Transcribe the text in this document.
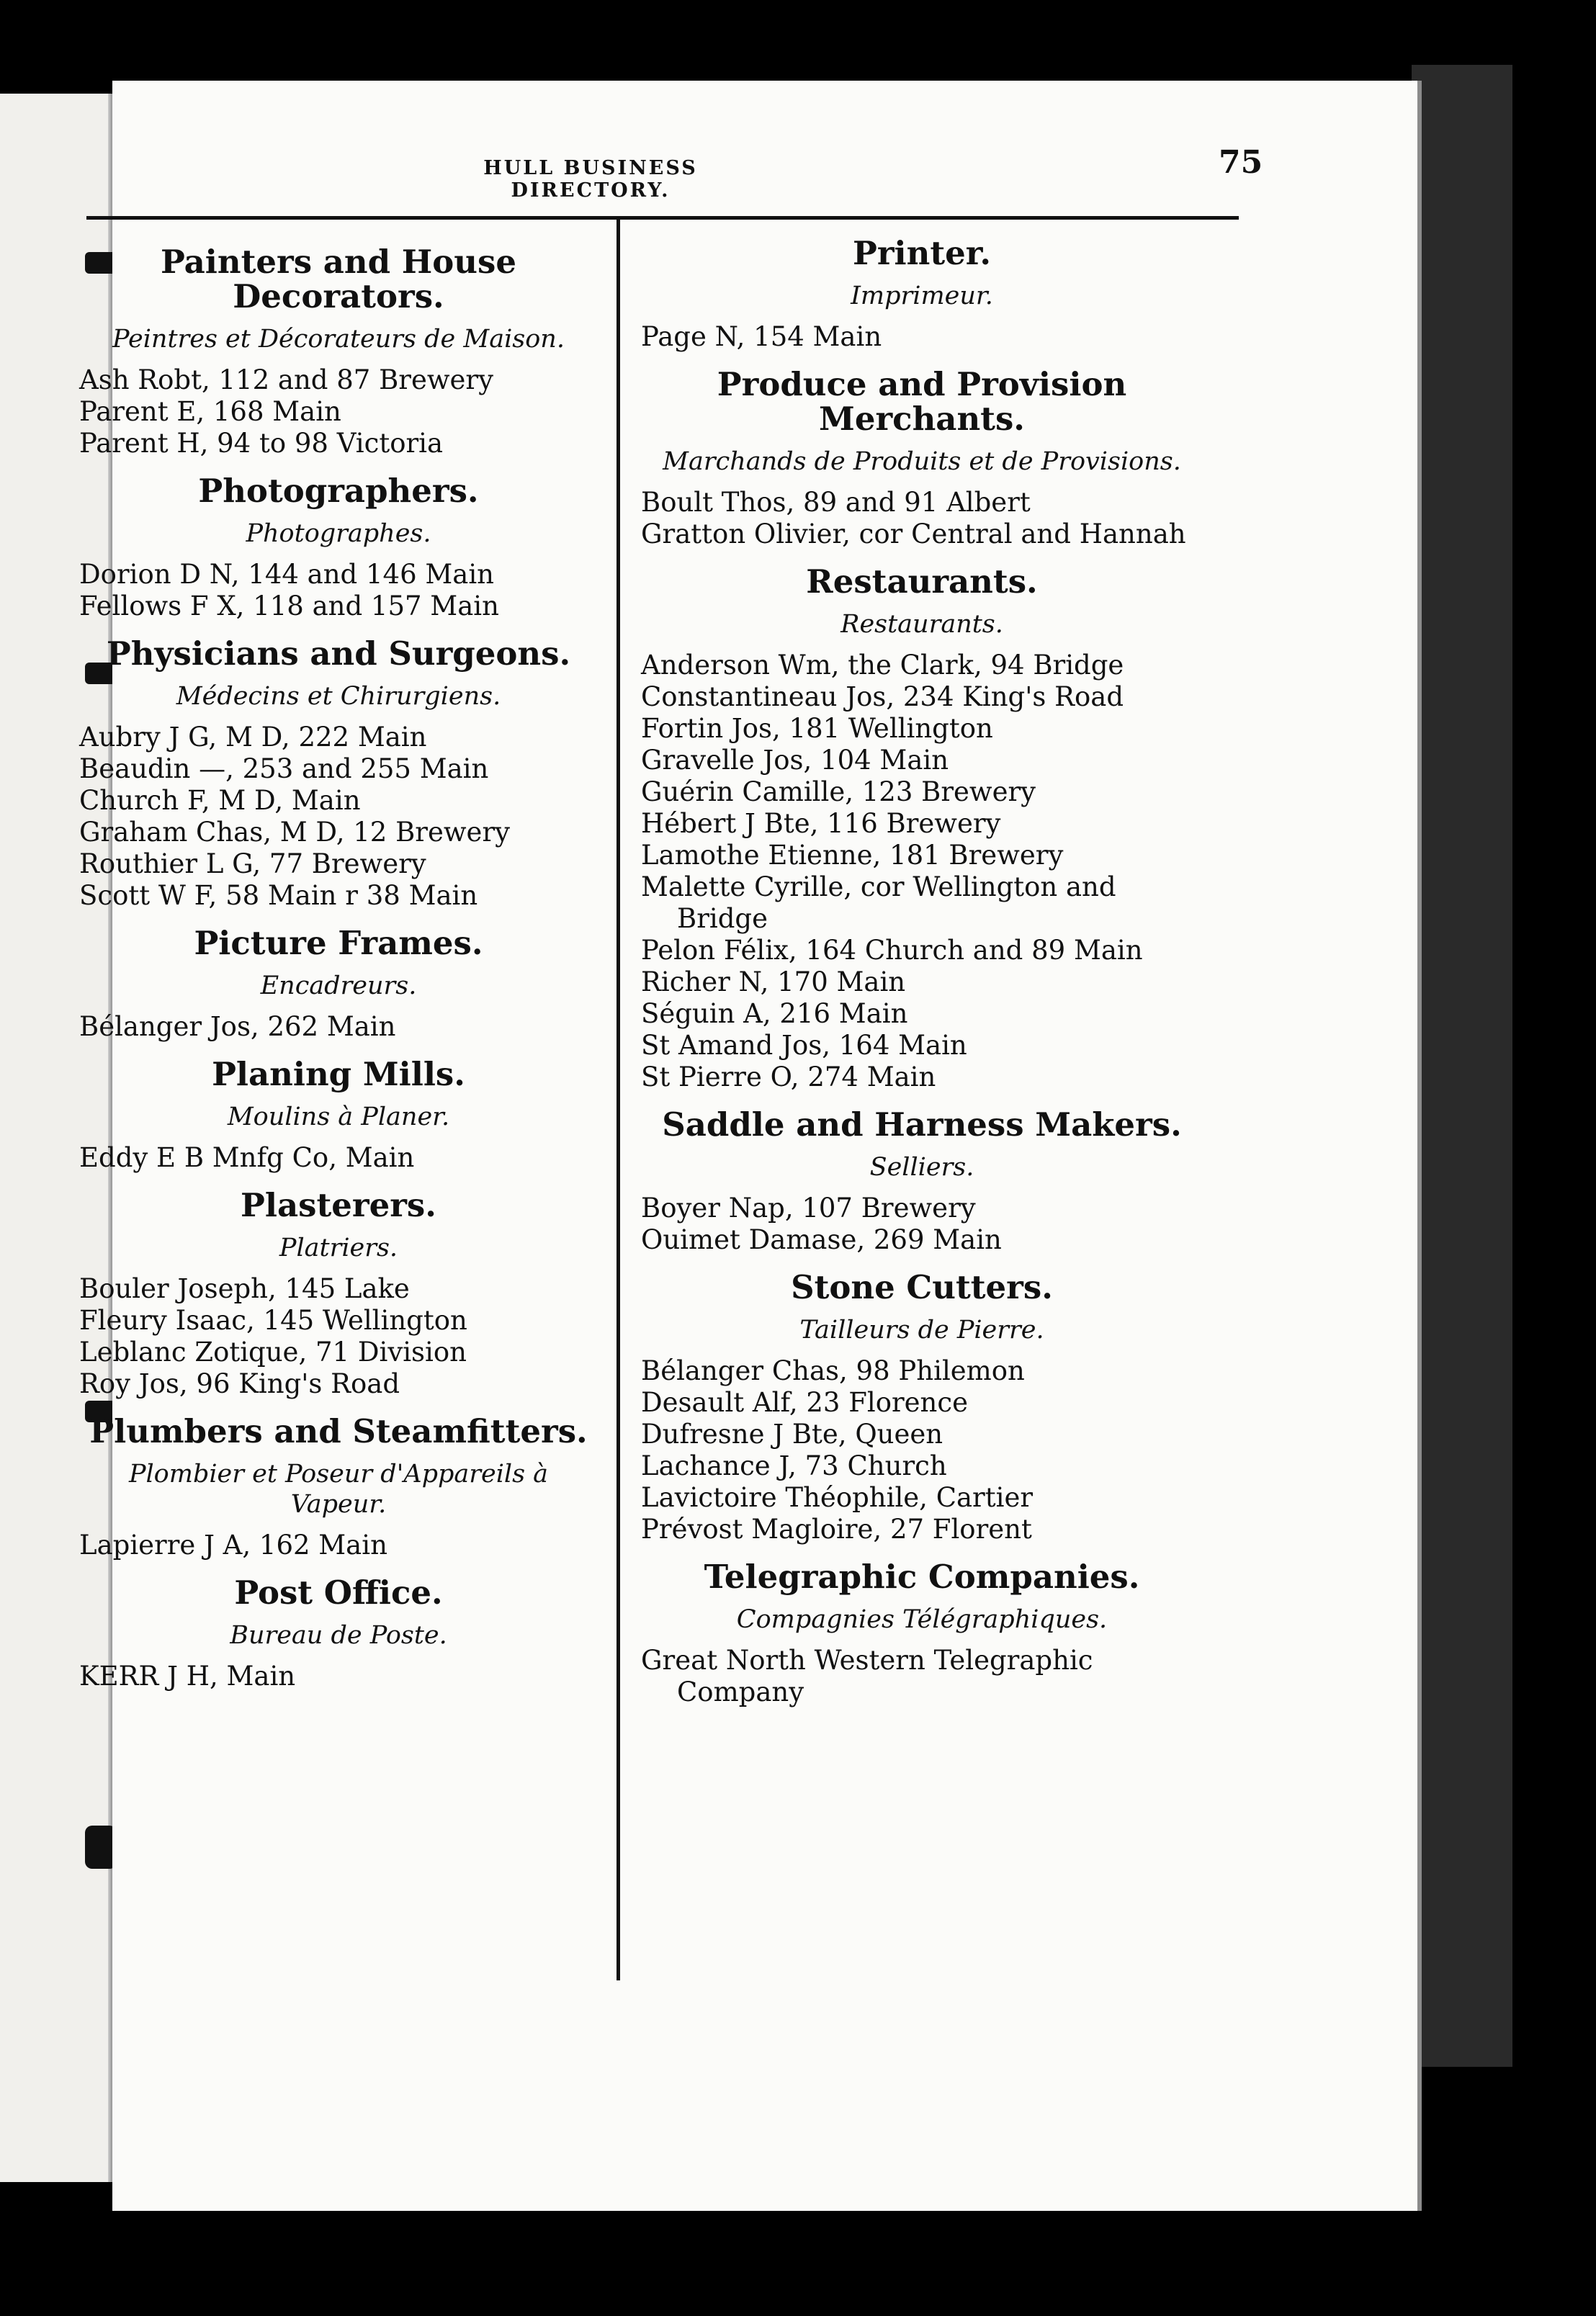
HULL BUSINESS DIRECTORY.
75
Painters and House Decorators.
Peintres et Décorateurs de Maison.
Ash Robt, 112 and 87 Brewery
Parent E, 168 Main
Parent H, 94 to 98 Victoria
Photographers.
Photographes.
Dorion D N, 144 and 146 Main
Fellows F X, 118 and 157 Main
Physicians and Surgeons.
Médecins et Chirurgiens.
Aubry J G, M D, 222 Main
Beaudin —, 253 and 255 Main
Church F, M D, Main
Graham Chas, M D, 12 Brewery
Routhier L G, 77 Brewery
Scott W F, 58 Main r 38 Main
Picture Frames.
Encadreurs.
Bélanger Jos, 262 Main
Planing Mills.
Moulins à Planer.
Eddy E B Mnfg Co, Main
Plasterers.
Platriers.
Bouler Joseph, 145 Lake
Fleury Isaac, 145 Wellington
Leblanc Zotique, 71 Division
Roy Jos, 96 King's Road
Plumbers and Steamfitters.
Plombier et Poseur d'Appareils à Vapeur.
Lapierre J A, 162 Main
Post Office.
Bureau de Poste.
KERR J H, Main
Printer.
Imprimeur.
Page N, 154 Main
Produce and Provision Merchants.
Marchands de Produits et de Provisions.
Boult Thos, 89 and 91 Albert
Gratton Olivier, cor Central and Hannah
Restaurants.
Restaurants.
Anderson Wm, the Clark, 94 Bridge
Constantineau Jos, 234 King's Road
Fortin Jos, 181 Wellington
Gravelle Jos, 104 Main
Guérin Camille, 123 Brewery
Hébert J Bte, 116 Brewery
Lamothe Etienne, 181 Brewery
Malette Cyrille, cor Wellington and Bridge
Pelon Félix, 164 Church and 89 Main
Richer N, 170 Main
Séguin A, 216 Main
St Amand Jos, 164 Main
St Pierre O, 274 Main
Saddle and Harness Makers.
Selliers.
Boyer Nap, 107 Brewery
Ouimet Damase, 269 Main
Stone Cutters.
Tailleurs de Pierre.
Bélanger Chas, 98 Philemon
Desault Alf, 23 Florence
Dufresne J Bte, Queen
Lachance J, 73 Church
Lavictoire Théophile, Cartier
Prévost Magloire, 27 Florent
Telegraphic Companies.
Compagnies Télégraphiques.
Great North Western Telegraphic Company
